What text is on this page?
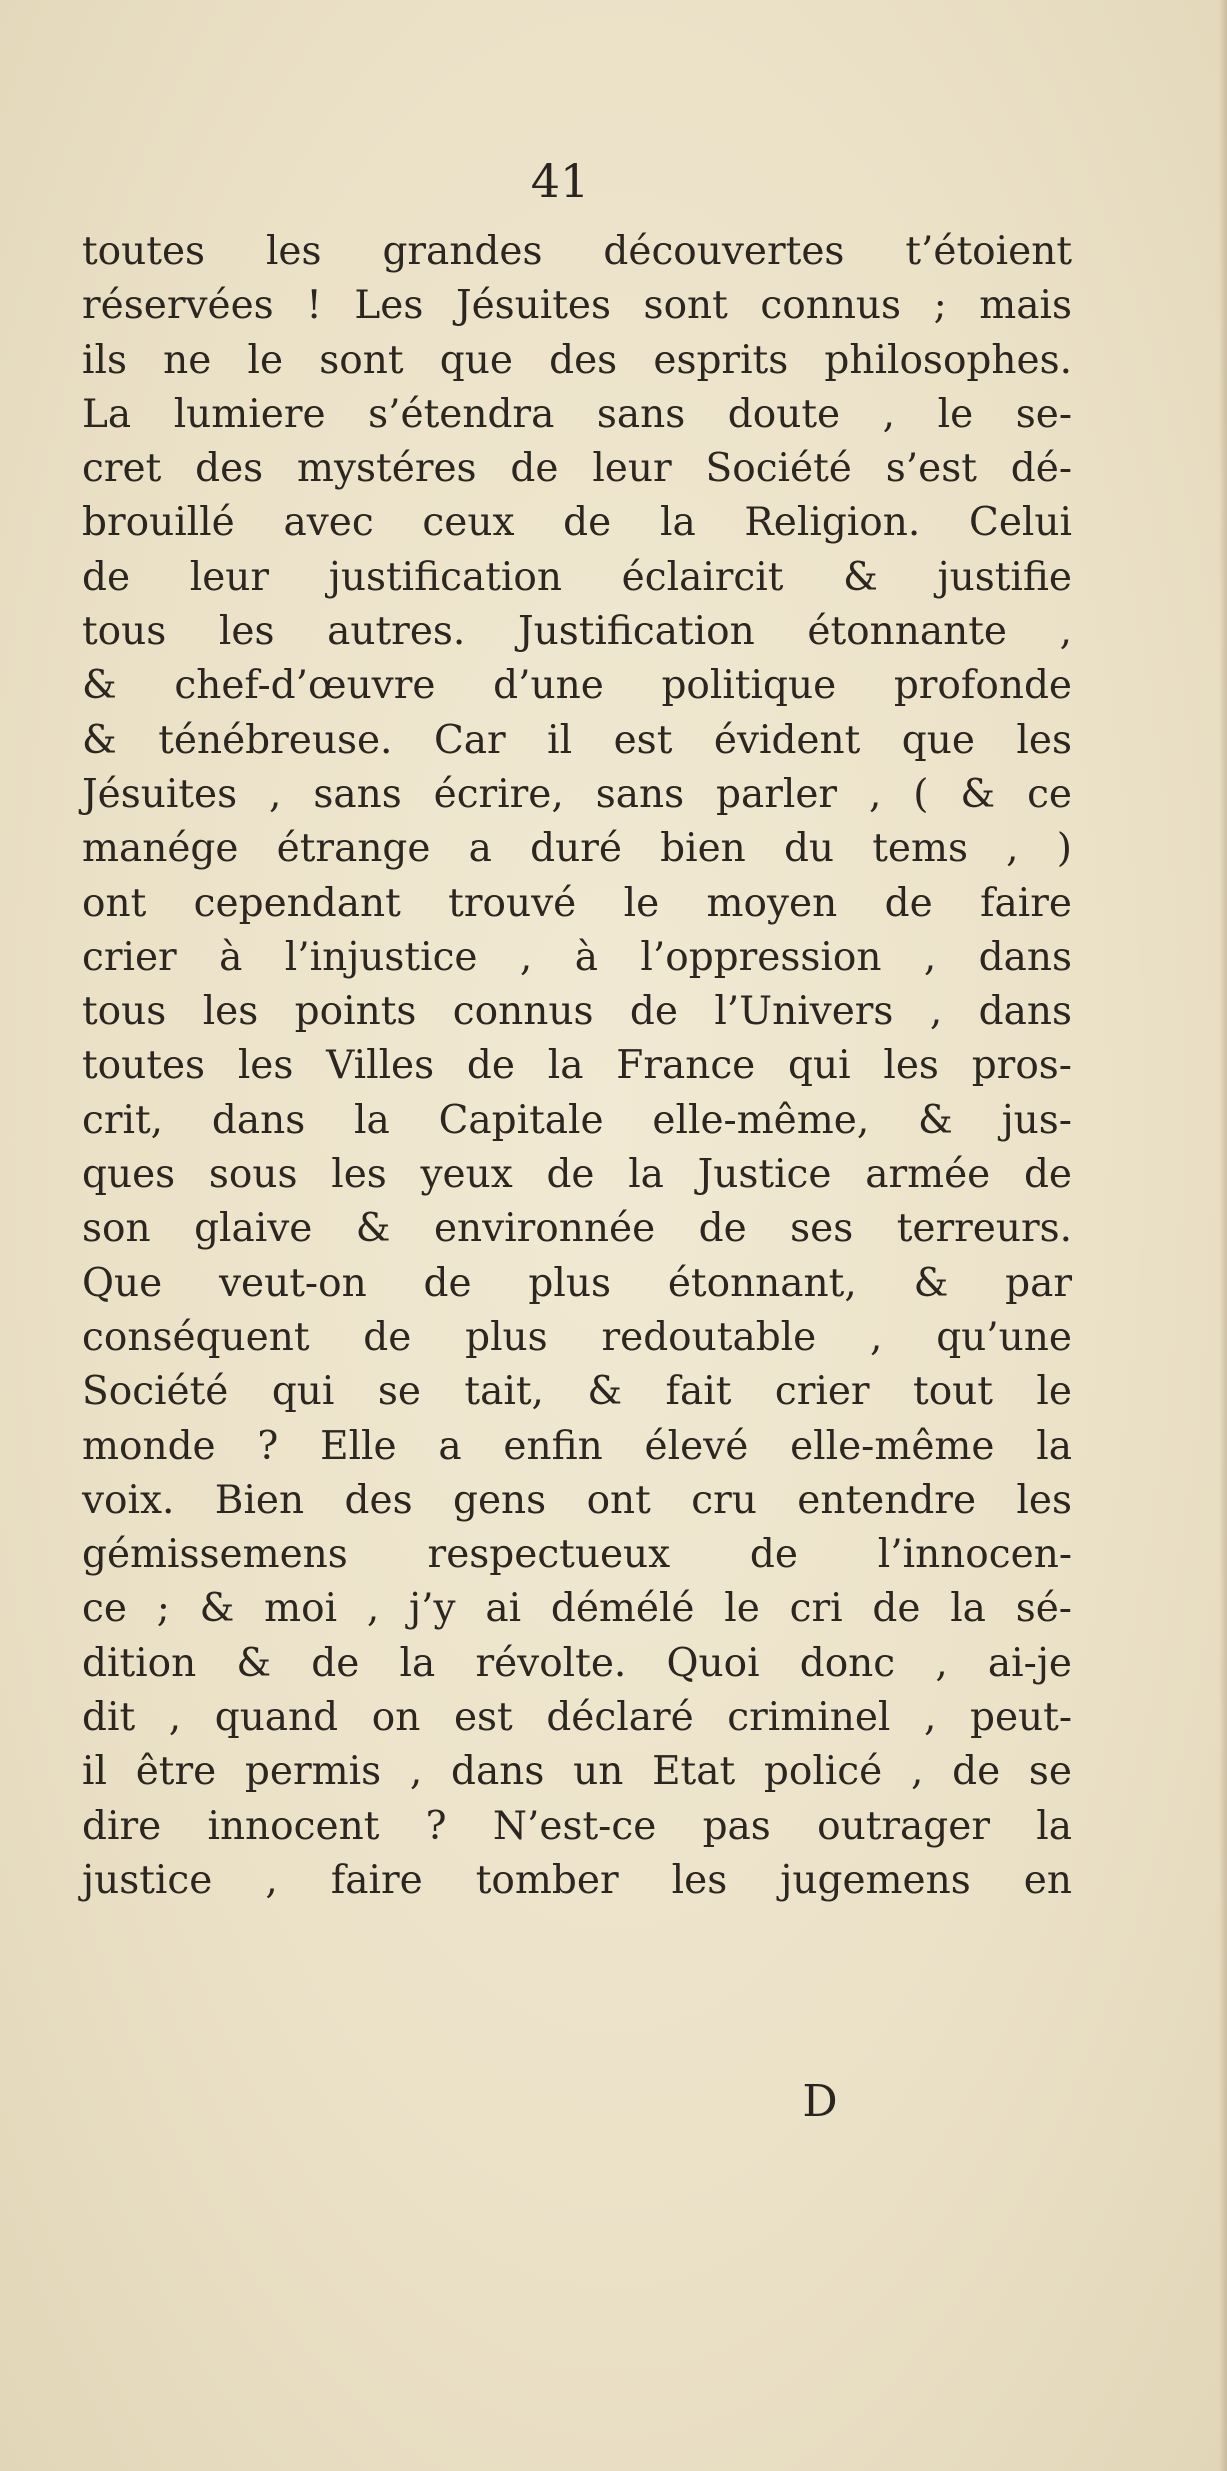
41
toutes les grandes découvertes t’étoient
réservées ! Les Jésuites sont connus ; mais
ils ne le sont que des esprits philosophes.
La lumiere s’étendra sans doute , le se-
cret des mystéres de leur Société s’est dé-
brouillé avec ceux de la Religion. Celui
de leur justification éclaircit & justifie
tous les autres. Justification étonnante ,
& chef-d’œuvre d’une politique profonde
& ténébreuse. Car il est évident que les
Jésuites , sans écrire, sans parler , ( & ce
manége étrange a duré bien du tems , )
ont cependant trouvé le moyen de faire
crier à l’injustice , à l’oppression , dans
tous les points connus de l’Univers , dans
toutes les Villes de la France qui les pros-
crit, dans la Capitale elle-même, & jus-
ques sous les yeux de la Justice armée de
son glaive & environnée de ses terreurs.
Que veut-on de plus étonnant, & par
conséquent de plus redoutable , qu’une
Société qui se tait, & fait crier tout le
monde ? Elle a enfin élevé elle-même la
voix. Bien des gens ont cru entendre les
gémissemens respectueux de l’innocen-
ce ; & moi , j’y ai démélé le cri de la sé-
dition & de la révolte. Quoi donc , ai-je
dit , quand on est déclaré criminel , peut-
il être permis , dans un Etat policé , de se
dire innocent ? N’est-ce pas outrager la
justice , faire tomber les jugemens en
D
